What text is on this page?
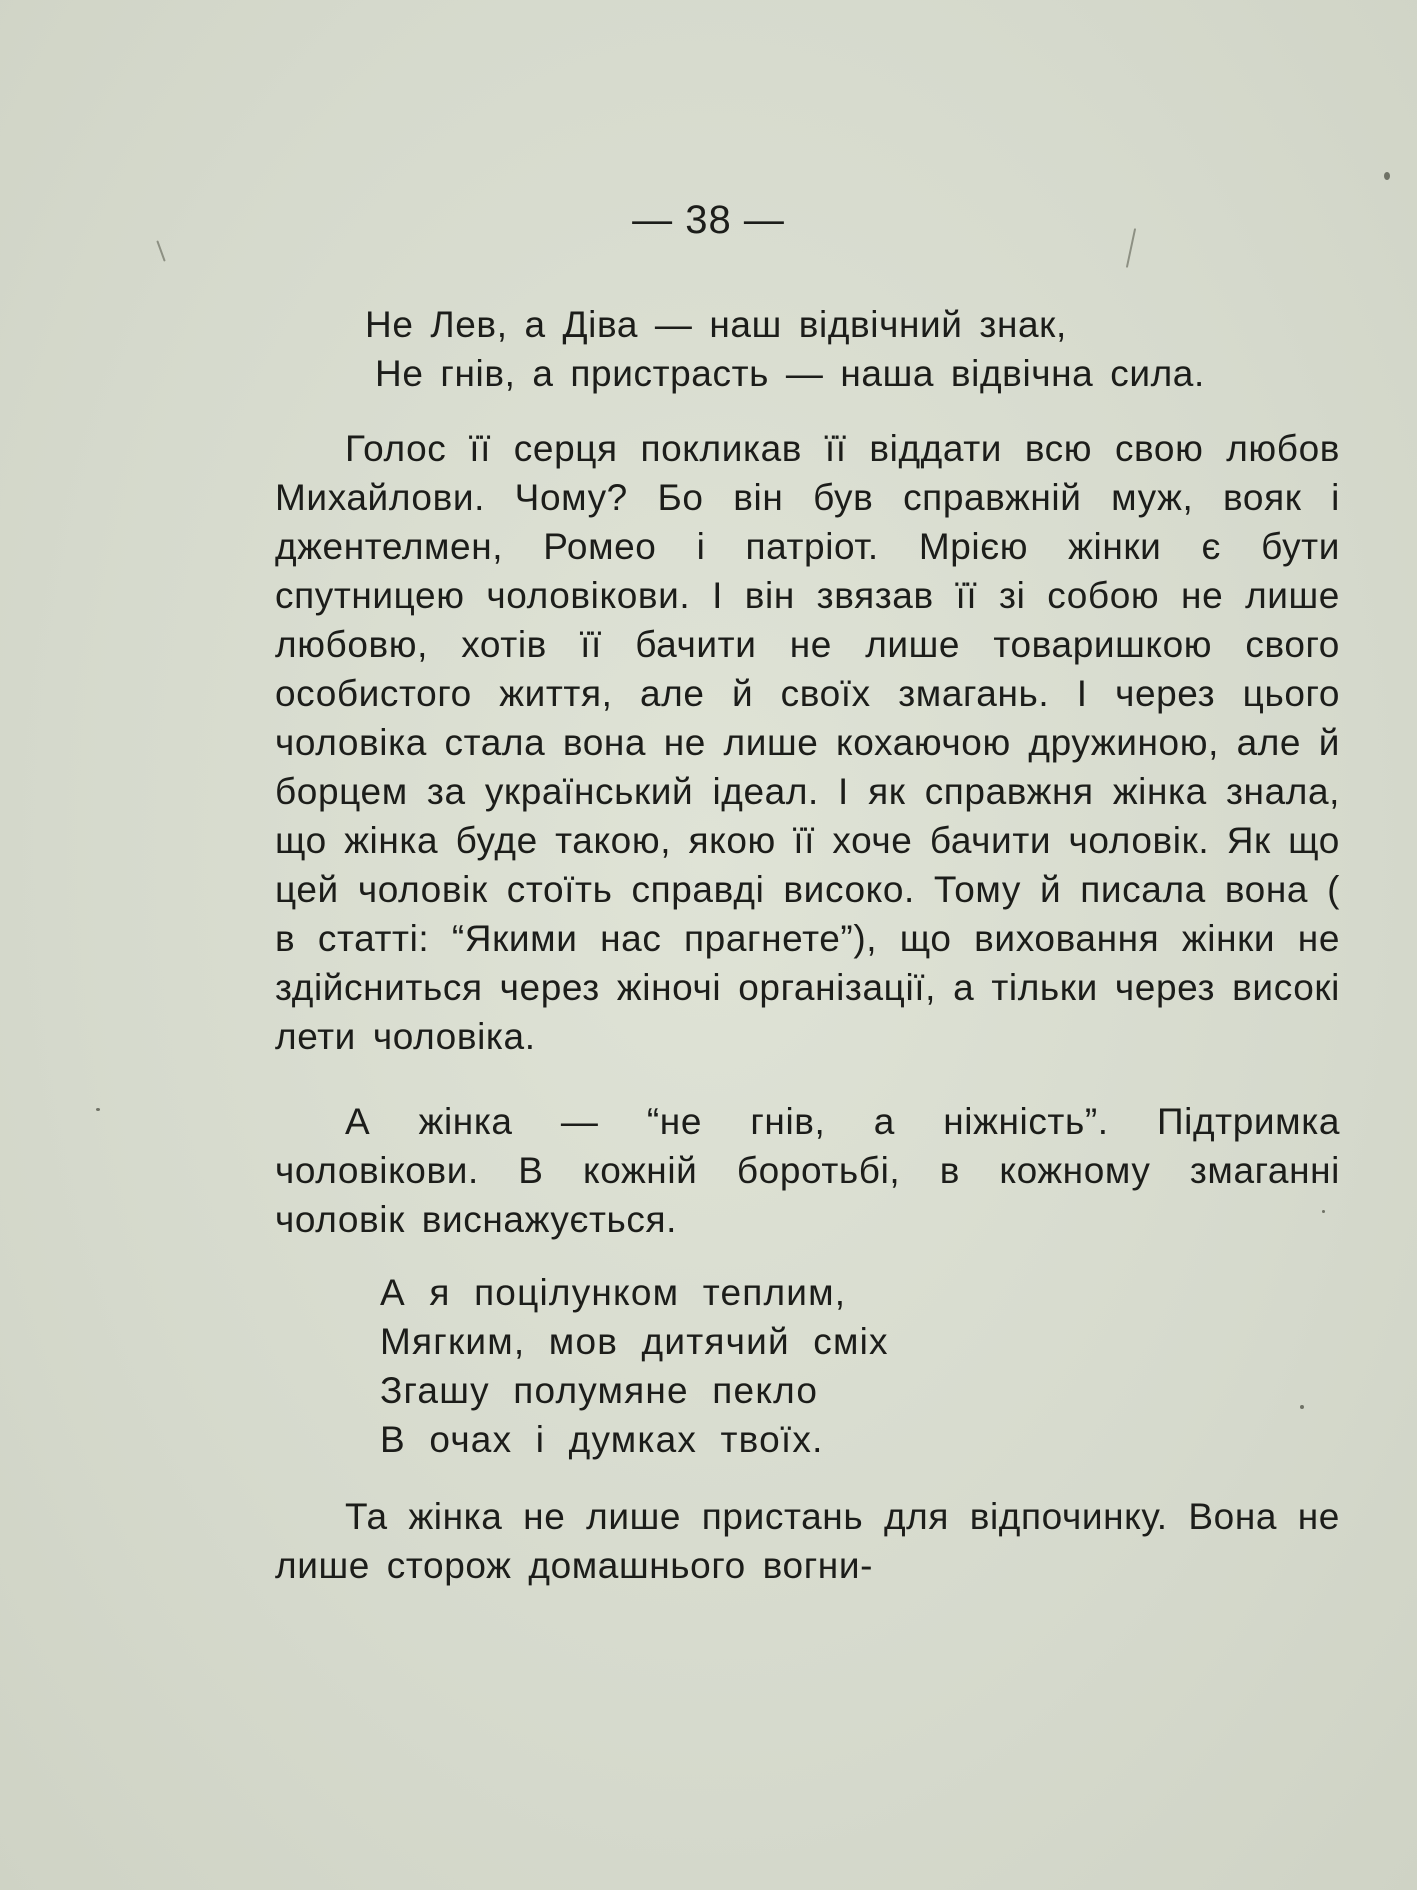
— 38 —
Не Лев, а Діва — наш відвічний знак,
Не гнів, а пристрасть — наша відвічна сила.

Голос її серця покликав її віддати всю свою любов Михайлови. Чому? Бо він був справжній муж, вояк і джентелмен, Ромео і патріот. Мрією жінки є бути спутницею чоловікови. І він звязав її зі собою не лише любовю, хотів її бачити не лише товаришкою свого особистого життя, але й своїх змагань. І через цього чоловіка стала вона не лише кохаючою дружиною, але й борцем за український ідеал. І як справжня жінка знала, що жінка буде такою, якою її хоче бачити чоловік. Як що цей чоловік стоїть справді високо. Тому й писала вона ( в статті: “Якими нас прагнете”), що виховання жінки не здійсниться через жіночі організації, а тільки через високі лети чоловіка.

А жінка — “не гнів, а ніжність”. Підтримка чоловікови. В кожній боротьбі, в кожному змаганні чоловік виснажується.

А я поцілунком теплим,
Мягким, мов дитячий сміх
Згашу полумяне пекло
В очах і думках твоїх.

Та жінка не лише пристань для відпочинку. Вона не лише сторож домашнього вогни-
